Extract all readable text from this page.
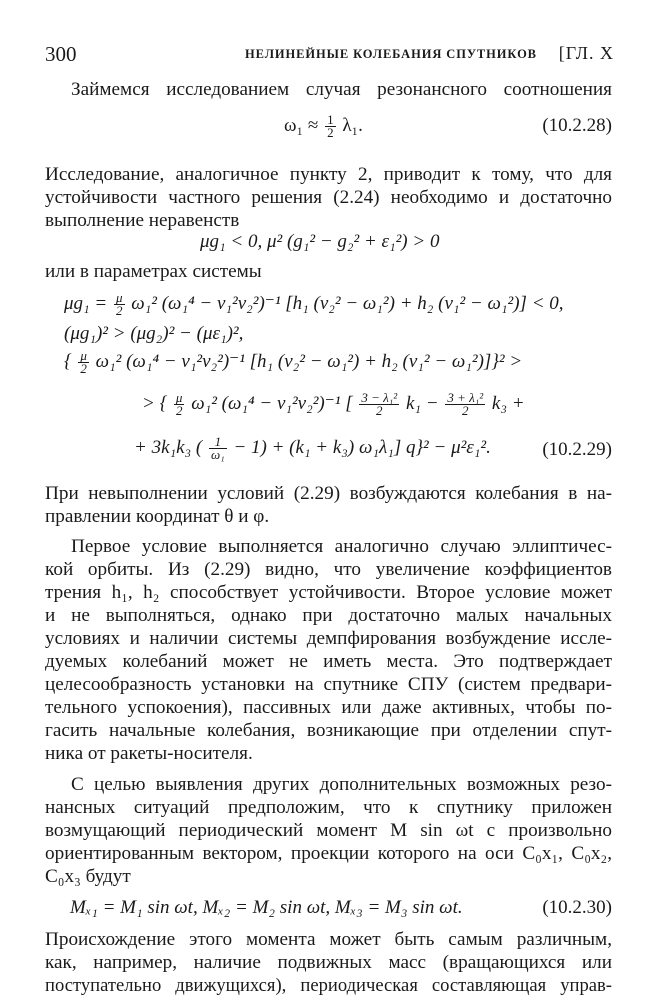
300	НЕЛИНЕЙНЫЕ КОЛЕБАНИЯ СПУТНИКОВ [ГЛ. X
Займемся исследованием случая резонансного соотношения
$\omega_1 \approx \frac{1}{2} \lambda_1$.	(10.2.28)
Исследование, аналогичное пункту 2, приводит к тому, что для
устойчивости частного решения (2.24) необходимо и достаточно
выполнение неравенств
μg₁ < 0, μ² (g₁² − g₂² + ε₁²) > 0
или в параметрах системы
$\mu g_1 = \frac{\mu}{2} \omega_1^2$ (ω₁⁴ − ν₁²ν₂²)⁻¹ [h₁ (ν₂² − ω₁²) + h₂ (ν₁² − ω₁²)] < 0,
(μg₁)² > (μg₂)² − (με₁)²,
{ $\frac{\mu}{2} \omega_1^2$ (ω₁⁴ − ν₁²ν₂²)⁻¹ [h₁ (ν₂² − ω₁²) + h₂ (ν₁² − ω₁²)]}² >
> { $\frac{\mu}{2} \omega_1^2$ (ω₁⁴ − ν₁²ν₂²)⁻¹ [ $\frac{\text{3 − λ₁²}}{2} k_1 - \frac{\text{3 + λ₁²}}{2} k_3$ +
+ 3k₁k₃ ( $\frac{1}{\text{ω₁}} - 1) + (k_1 + k_3)$ ω₁λ₁] q}² − μ²ε₁².	(10.2.29)
При невыполнении условий (2.29) возбуждаются колебания в на-
правлении координат θ и φ.
Первое условие выполняется аналогично случаю эллиптичес-
кой орбиты. Из (2.29) видно, что увеличение коэффициентов
трения h₁, h₂ способствует устойчивости. Второе условие может
и не выполняться, однако при достаточно малых начальных
условиях и наличии системы демпфирования возбуждение иссле-
дуемых колебаний может не иметь места. Это подтверждает
целесообразность установки на спутнике СПУ (систем предвари-
тельного успокоения), пассивных или даже активных, чтобы по-
гасить начальные колебания, возникающие при отделении спут-
ника от ракеты-носителя.
С целью выявления других дополнительных возможных резо-
нансных ситуаций предположим, что к спутнику приложен
возмущающий периодический момент M sin ωt с произвольно
ориентированным вектором, проекции которого на оси C₀x₁, C₀x₂,
C₀x₃ будут
Mₓ₁ = M₁ sin ωt, Mₓ₂ = M₂ sin ωt, Mₓ₃ = M₃ sin ωt.	(10.2.30)
Происхождение этого момента может быть самым различным,
как, например, наличие подвижных масс (вращающихся или
поступательно движущихся), периодическая составляющая управ-
